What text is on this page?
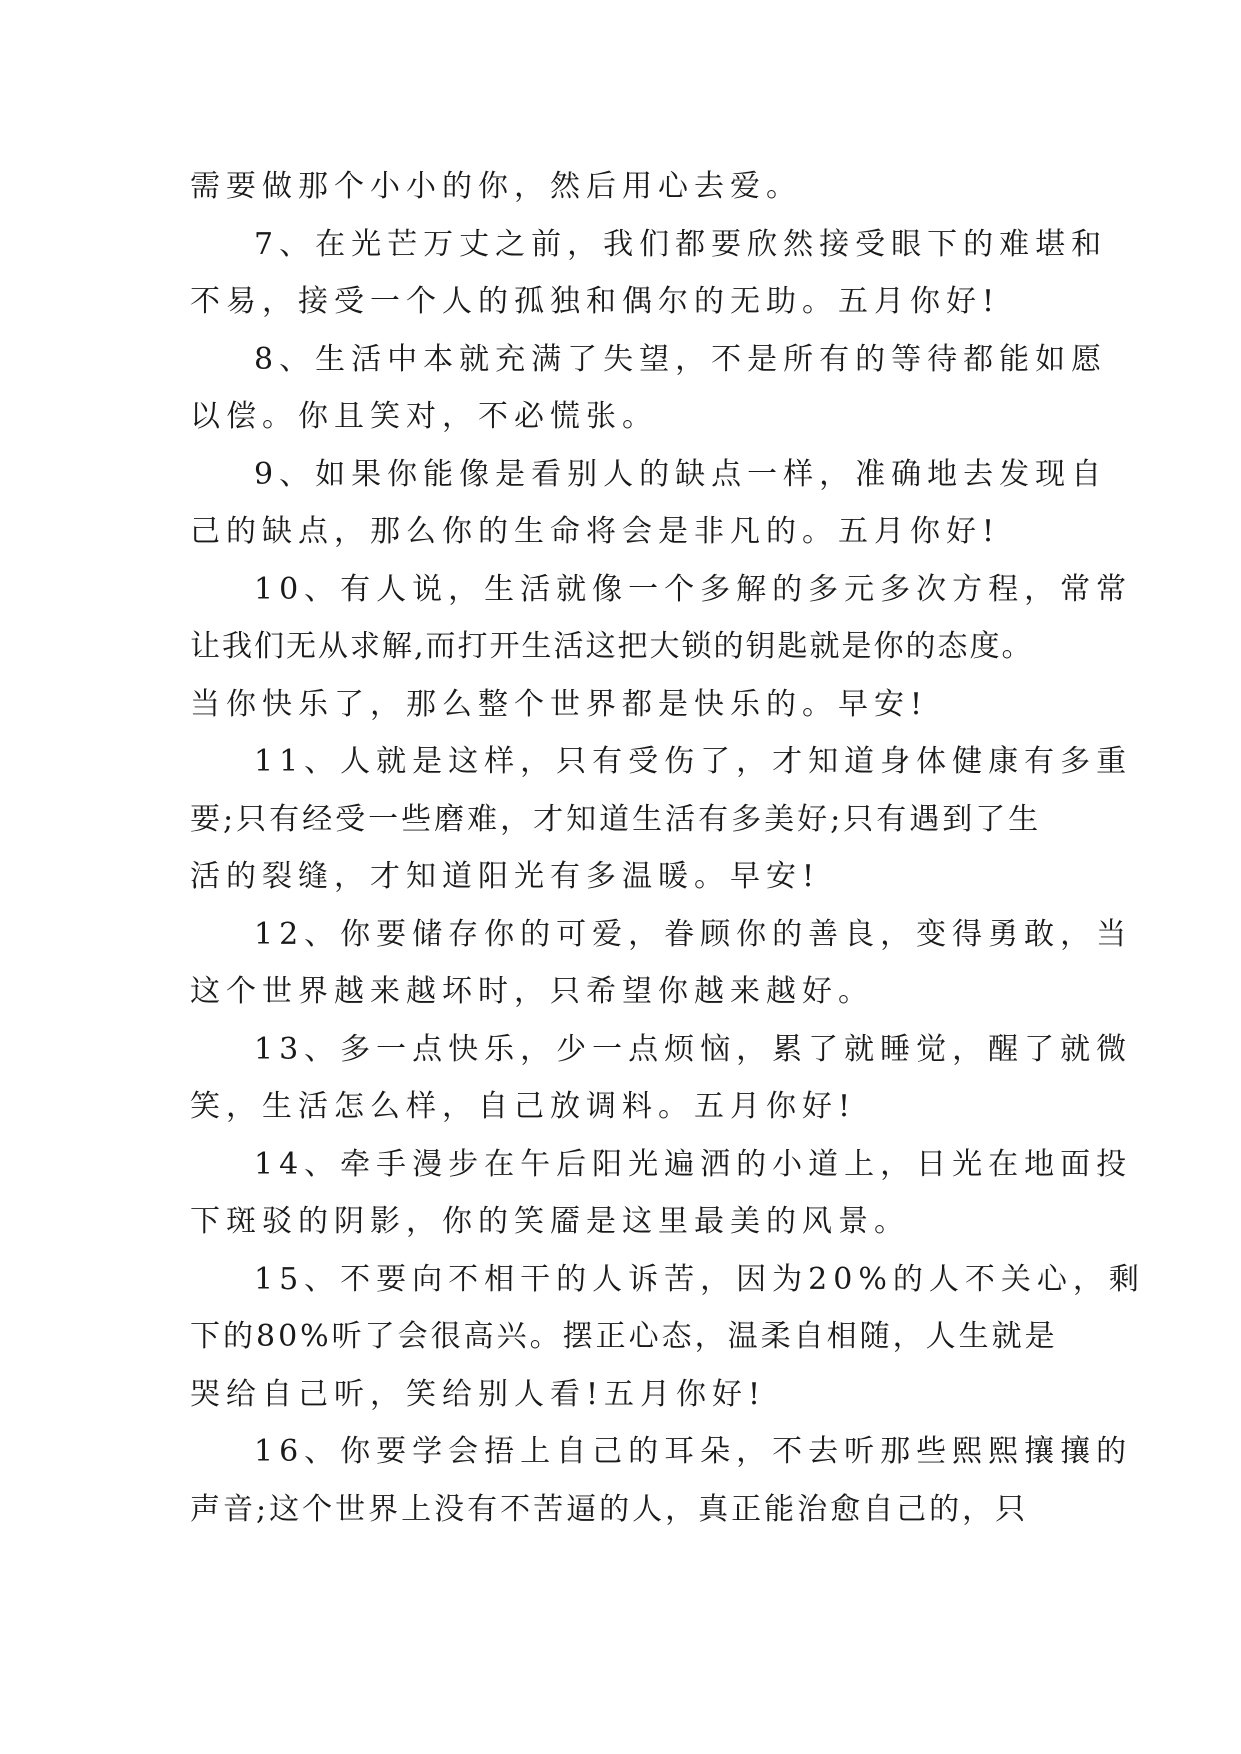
需要做那个小小的你，然后用心去爱。
7、在光芒万丈之前，我们都要欣然接受眼下的难堪和
不易，接受一个人的孤独和偶尔的无助。五月你好!
8、生活中本就充满了失望，不是所有的等待都能如愿
以偿。你且笑对，不必慌张。
9、如果你能像是看别人的缺点一样，准确地去发现自
己的缺点，那么你的生命将会是非凡的。五月你好!
10、有人说，生活就像一个多解的多元多次方程，常常
让我们无从求解,而打开生活这把大锁的钥匙就是你的态度。
当你快乐了，那么整个世界都是快乐的。早安!
11、人就是这样，只有受伤了，才知道身体健康有多重
要;只有经受一些磨难，才知道生活有多美好;只有遇到了生
活的裂缝，才知道阳光有多温暖。早安!
12、你要储存你的可爱，眷顾你的善良，变得勇敢，当
这个世界越来越坏时，只希望你越来越好。
13、多一点快乐，少一点烦恼，累了就睡觉，醒了就微
笑，生活怎么样，自己放调料。五月你好!
14、牵手漫步在午后阳光遍洒的小道上，日光在地面投
下斑驳的阴影，你的笑靥是这里最美的风景。
15、不要向不相干的人诉苦，因为20%的人不关心，剩
下的80%听了会很高兴。摆正心态，温柔自相随，人生就是
哭给自己听，笑给别人看!五月你好!
16、你要学会捂上自己的耳朵，不去听那些熙熙攘攘的
声音;这个世界上没有不苦逼的人，真正能治愈自己的，只
